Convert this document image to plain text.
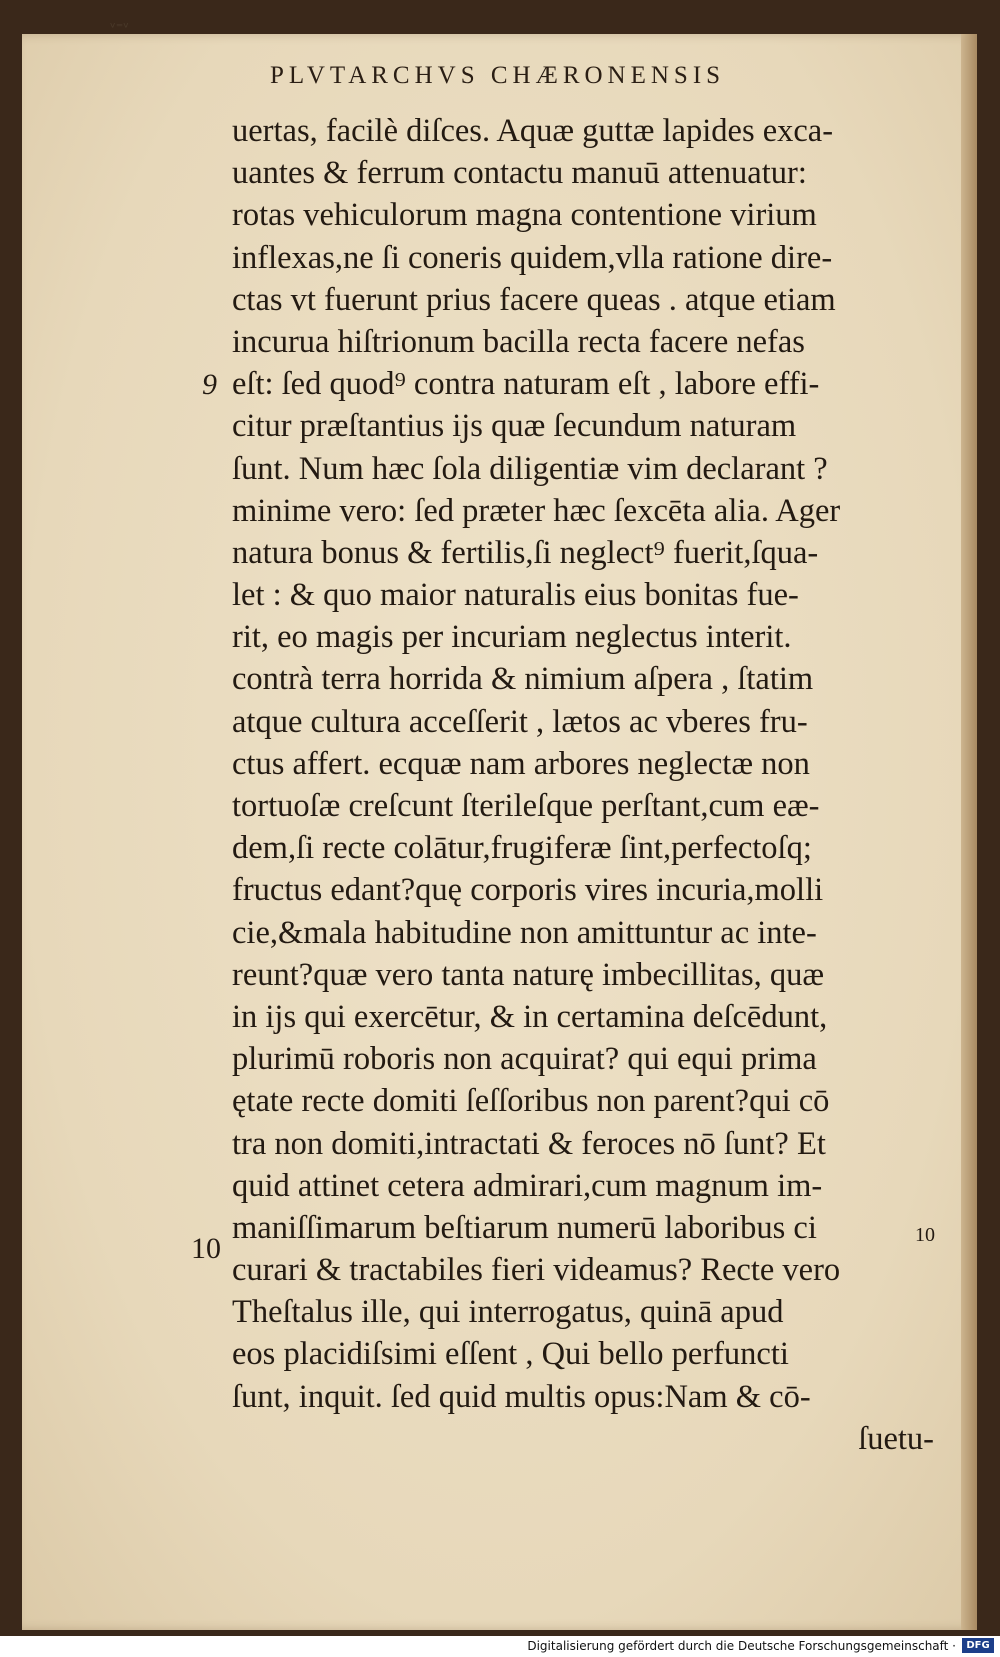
ᵛ⁼ᵛ
PLVTARCHVS CHÆRONENSIS
uertas, facilè diſces. Aquæ guttæ lapides exca-
uantes & ferrum contactu manuū attenuatur:
rotas vehiculorum magna contentione virium
inflexas,ne ſi coneris quidem,vlla ratione dire-
ctas vt fuerunt prius facere queas . atque etiam
incurua hiſtrionum bacilla recta facere nefas
eſt: ſed quod⁹ contra naturam eſt , labore effi-
citur præſtantius ijs quæ ſecundum naturam
ſunt. Num hæc ſola diligentiæ vim declarant ?
minime vero: ſed præter hæc ſexcēta alia. Ager
natura bonus & fertilis,ſi neglect⁹ fuerit,ſqua-
let : & quo maior naturalis eius bonitas fue-
rit, eo magis per incuriam neglectus interit.
contrà terra horrida & nimium aſpera , ſtatim
atque cultura acceſſerit , lætos ac vberes fru-
ctus affert. ecquæ nam arbores neglectæ non
tortuoſæ creſcunt ſterileſque perſtant,cum eæ-
dem,ſi recte colātur,frugiferæ ſint,perfectoſq;
fructus edant?quę corporis vires incuria,molli
cie,&mala habitudine non amittuntur ac inte-
reunt?quæ vero tanta naturę imbecillitas, quæ
in ijs qui exercētur, & in certamina deſcēdunt,
plurimū roboris non acquirat? qui equi prima
ętate recte domiti ſeſſoribus non parent?qui cō
tra non domiti,intractati & feroces nō ſunt? Et
quid attinet cetera admirari,cum magnum im-
maniſſimarum beſtiarum numerū laboribus ci
curari & tractabiles fieri videamus? Recte vero
Theſtalus ille, qui interrogatus, quinā apud
eos placidiſsimi eſſent , Qui bello perfuncti
ſunt, inquit. ſed quid multis opus:Nam & cō-
ſuetu-
9
10	10
Digitalisierung gefördert durch die Deutsche Forschungsgemeinschaft ·	DFG
